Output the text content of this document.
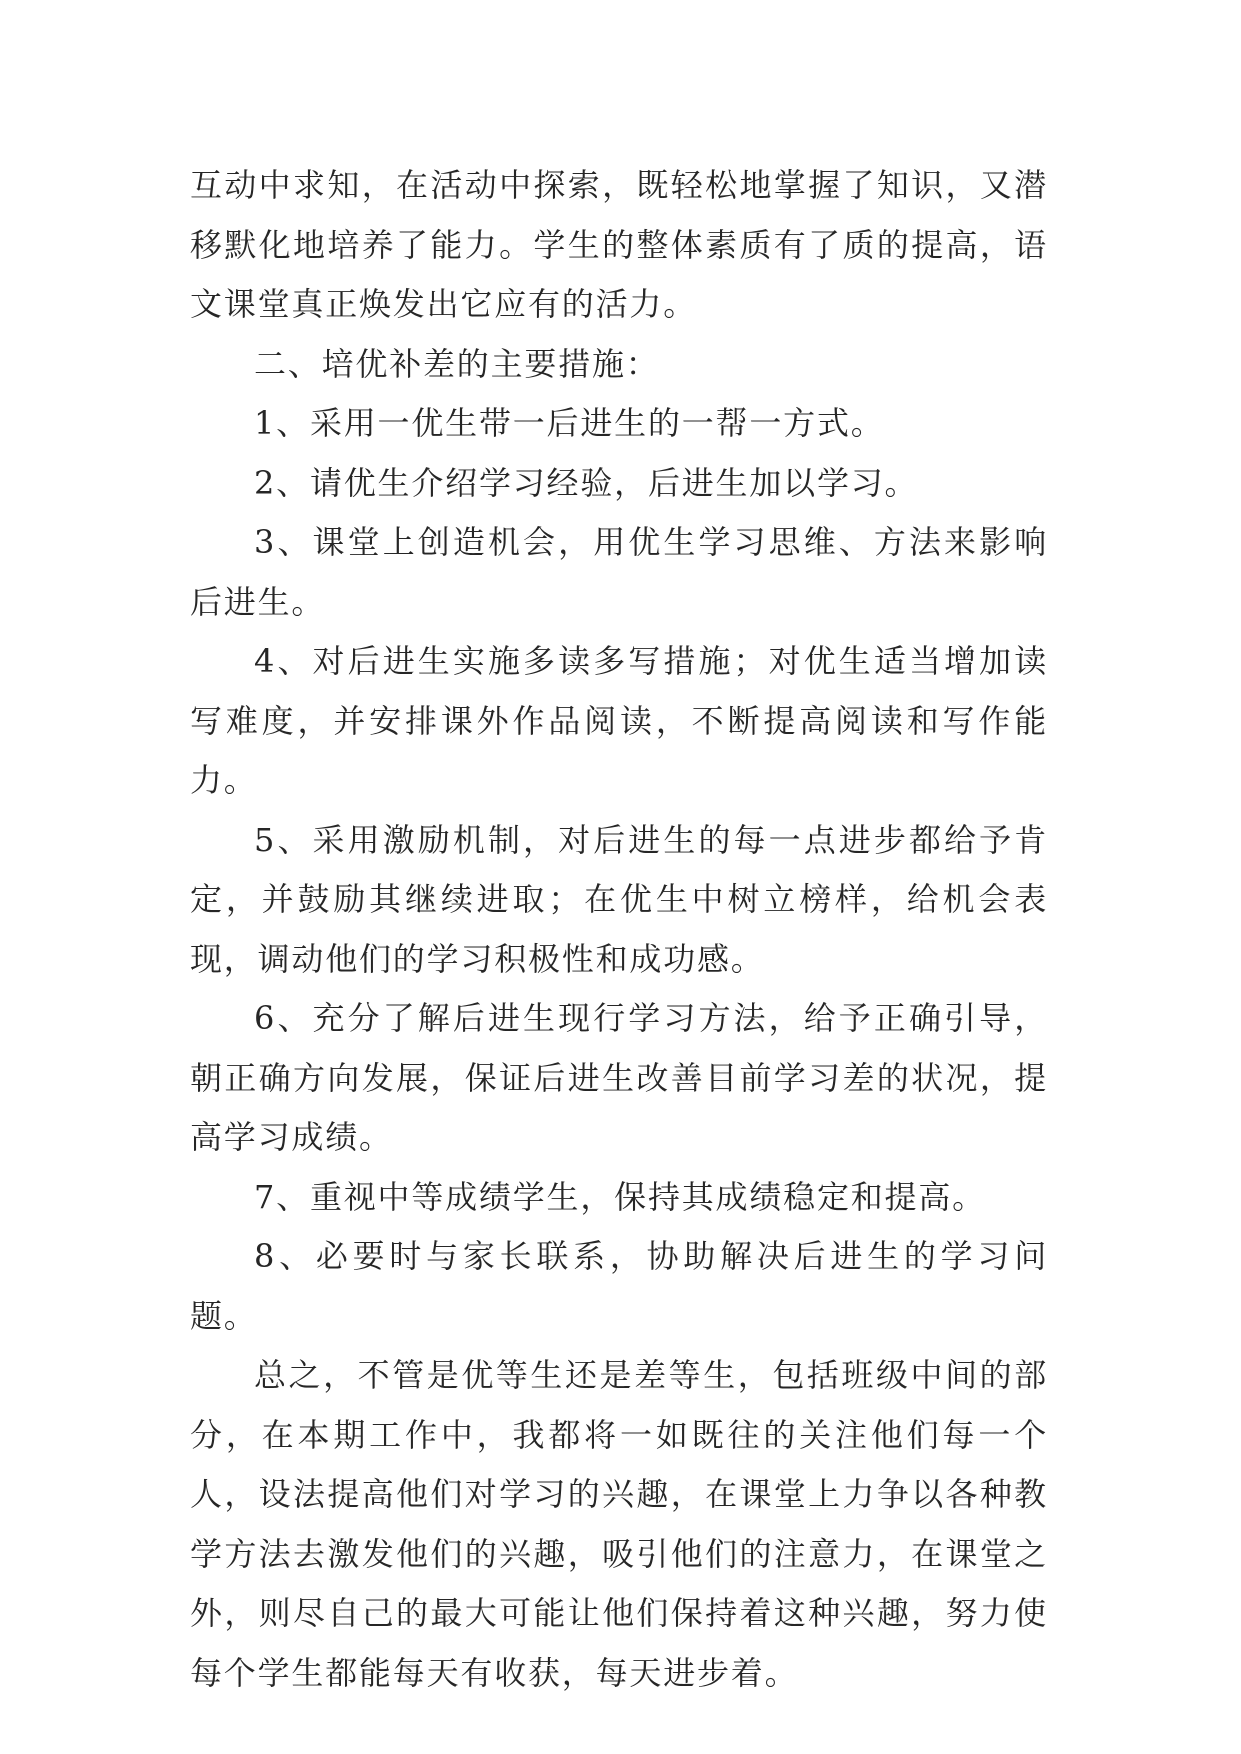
互动中求知，在活动中探索，既轻松地掌握了知识，又潜移默化地培养了能力。学生的整体素质有了质的提高，语文课堂真正焕发出它应有的活力。

二、培优补差的主要措施：

1、采用一优生带一后进生的一帮一方式。

2、请优生介绍学习经验，后进生加以学习。

3、课堂上创造机会，用优生学习思维、方法来影响后进生。

4、对后进生实施多读多写措施；对优生适当增加读写难度，并安排课外作品阅读，不断提高阅读和写作能力。

5、采用激励机制，对后进生的每一点进步都给予肯定，并鼓励其继续进取；在优生中树立榜样，给机会表现，调动他们的学习积极性和成功感。

6、充分了解后进生现行学习方法，给予正确引导，朝正确方向发展，保证后进生改善目前学习差的状况，提高学习成绩。

7、重视中等成绩学生，保持其成绩稳定和提高。

8、必要时与家长联系，协助解决后进生的学习问题。

总之，不管是优等生还是差等生，包括班级中间的部分，在本期工作中，我都将一如既往的关注他们每一个人，设法提高他们对学习的兴趣，在课堂上力争以各种教学方法去激发他们的兴趣，吸引他们的注意力，在课堂之外，则尽自己的最大可能让他们保持着这种兴趣，努力使每个学生都能每天有收获，每天进步着。
